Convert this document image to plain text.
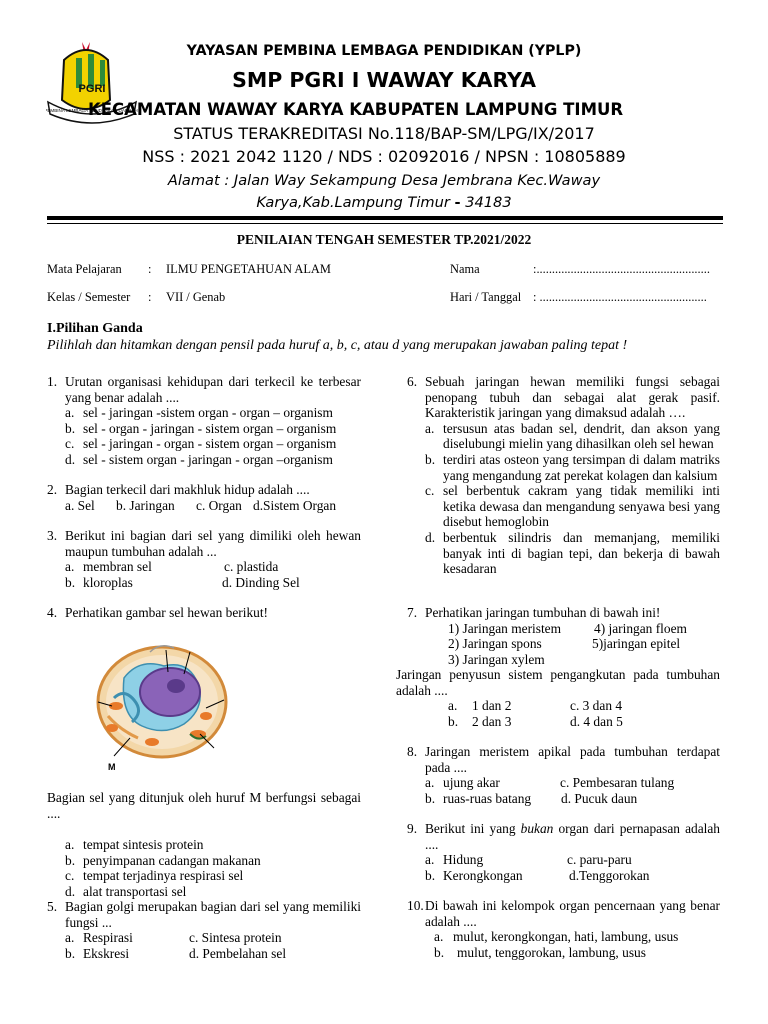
PGRI
PEMBINA LEMBAGA PENDIDIKAN DAERAH
YAYASAN PEMBINA LEMBAGA PENDIDIKAN (YPLP)
SMP PGRI I WAWAY KARYA
KECAMATAN WAWAY KARYA KABUPATEN LAMPUNG TIMUR
STATUS TERAKREDITASI No.118/BAP-SM/LPG/IX/2017
NSS : 2021 2042 1120 / NDS : 02092016 / NPSN : 10805889
Alamat : Jalan Way Sekampung Desa Jembrana Kec.Waway
Karya,Kab.Lampung Timur - 34183
PENILAIAN TENGAH SEMESTER TP.2021/2022
Mata Pelajaran : ILMU PENGETAHUAN ALAM	Nama	:........................................................
Kelas / Semester : VII / Genab	Hari / Tanggal : ......................................................
I.Pilihan Ganda
Pilihlah dan hitamkan dengan pensil pada huruf a, b, c, atau d yang merupakan jawaban paling tepat !
1. Urutan organisasi kehidupan dari terkecil ke terbesar yang benar adalah ....
a. sel - jaringan -sistem organ - organ – organism
b. sel - organ - jaringan - sistem organ – organism
c. sel - jaringan - organ - sistem organ – organism
d. sel - sistem organ - jaringan - organ –organism
2. Bagian terkecil dari makhluk hidup adalah ....
a. Sel b. Jaringan c. Organ d.Sistem Organ
3. Berikut ini bagian dari sel yang dimiliki oleh hewan maupun tumbuhan adalah ...
a. membran sel	c. plastida
b. kloroplas	d. Dinding Sel
4. Perhatikan gambar sel hewan berikut!
M
Bagian sel yang ditunjuk oleh huruf M berfungsi sebagai ....
a. tempat sintesis protein
b. penyimpanan cadangan makanan
c. tempat terjadinya respirasi sel
d. alat transportasi sel
5. Bagian golgi merupakan bagian dari sel yang memiliki fungsi ...
a. Respirasi	c. Sintesa protein
b. Ekskresi	d. Pembelahan sel
6. Sebuah jaringan hewan memiliki fungsi sebagai penopang tubuh dan sebagai alat gerak pasif. Karakteristik jaringan yang dimaksud adalah ….
a. tersusun atas badan sel, dendrit, dan akson yang diselubungi mielin yang dihasilkan oleh sel hewan
b. terdiri atas osteon yang tersimpan di dalam matriks yang mengandung zat perekat kolagen dan kalsium
c. sel berbentuk cakram yang tidak memiliki inti ketika dewasa dan mengandung senyawa besi yang disebut hemoglobin
d. berbentuk silindris dan memanjang, memiliki banyak inti di bagian tepi, dan bekerja di bawah kesadaran
7. Perhatikan jaringan tumbuhan di bawah ini!
1) Jaringan meristem 4) jaringan floem
2) Jaringan spons	5)jaringan epitel
3) Jaringan xylem
Jaringan penyusun sistem pengangkutan pada tumbuhan adalah ....
a. 1 dan 2	c. 3 dan 4
b. 2 dan 3	d. 4 dan 5
8. Jaringan meristem apikal pada tumbuhan terdapat pada ....
a. ujung akar	c. Pembesaran tulang
b. ruas-ruas batang d. Pucuk daun
9. Berikut ini yang bukan organ dari pernapasan adalah ....
a. Hidung	c. paru-paru
b. Kerongkongan	d.Tenggorokan
10. Di bawah ini kelompok organ pencernaan yang benar adalah ....
a. mulut, kerongkongan, hati, lambung, usus
b. mulut, tenggorokan, lambung, usus
